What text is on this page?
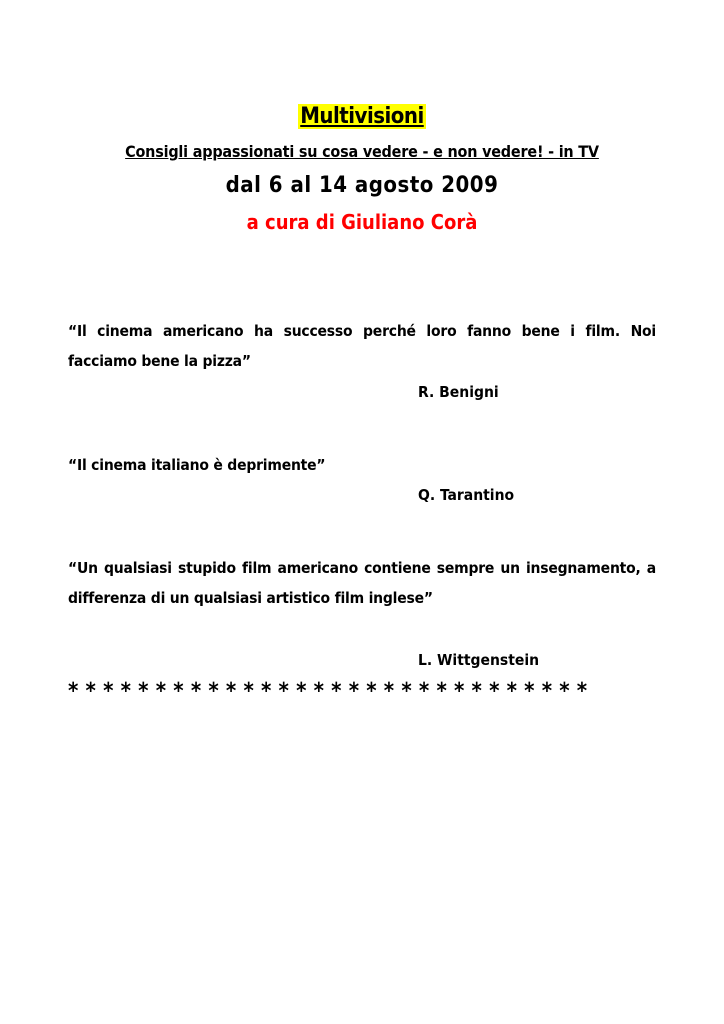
Multivisioni
Consigli appassionati su cosa vedere - e non vedere! - in TV
dal 6 al 14 agosto 2009
a cura di Giuliano Corà
“Il cinema americano ha successo perché loro fanno bene i film. Noi facciamo bene la pizza”
R. Benigni
“Il cinema italiano è deprimente”
Q. Tarantino
“Un qualsiasi stupido film americano contiene sempre un insegnamento, a differenza di un qualsiasi artistico film inglese”
L. Wittgenstein
******************************
